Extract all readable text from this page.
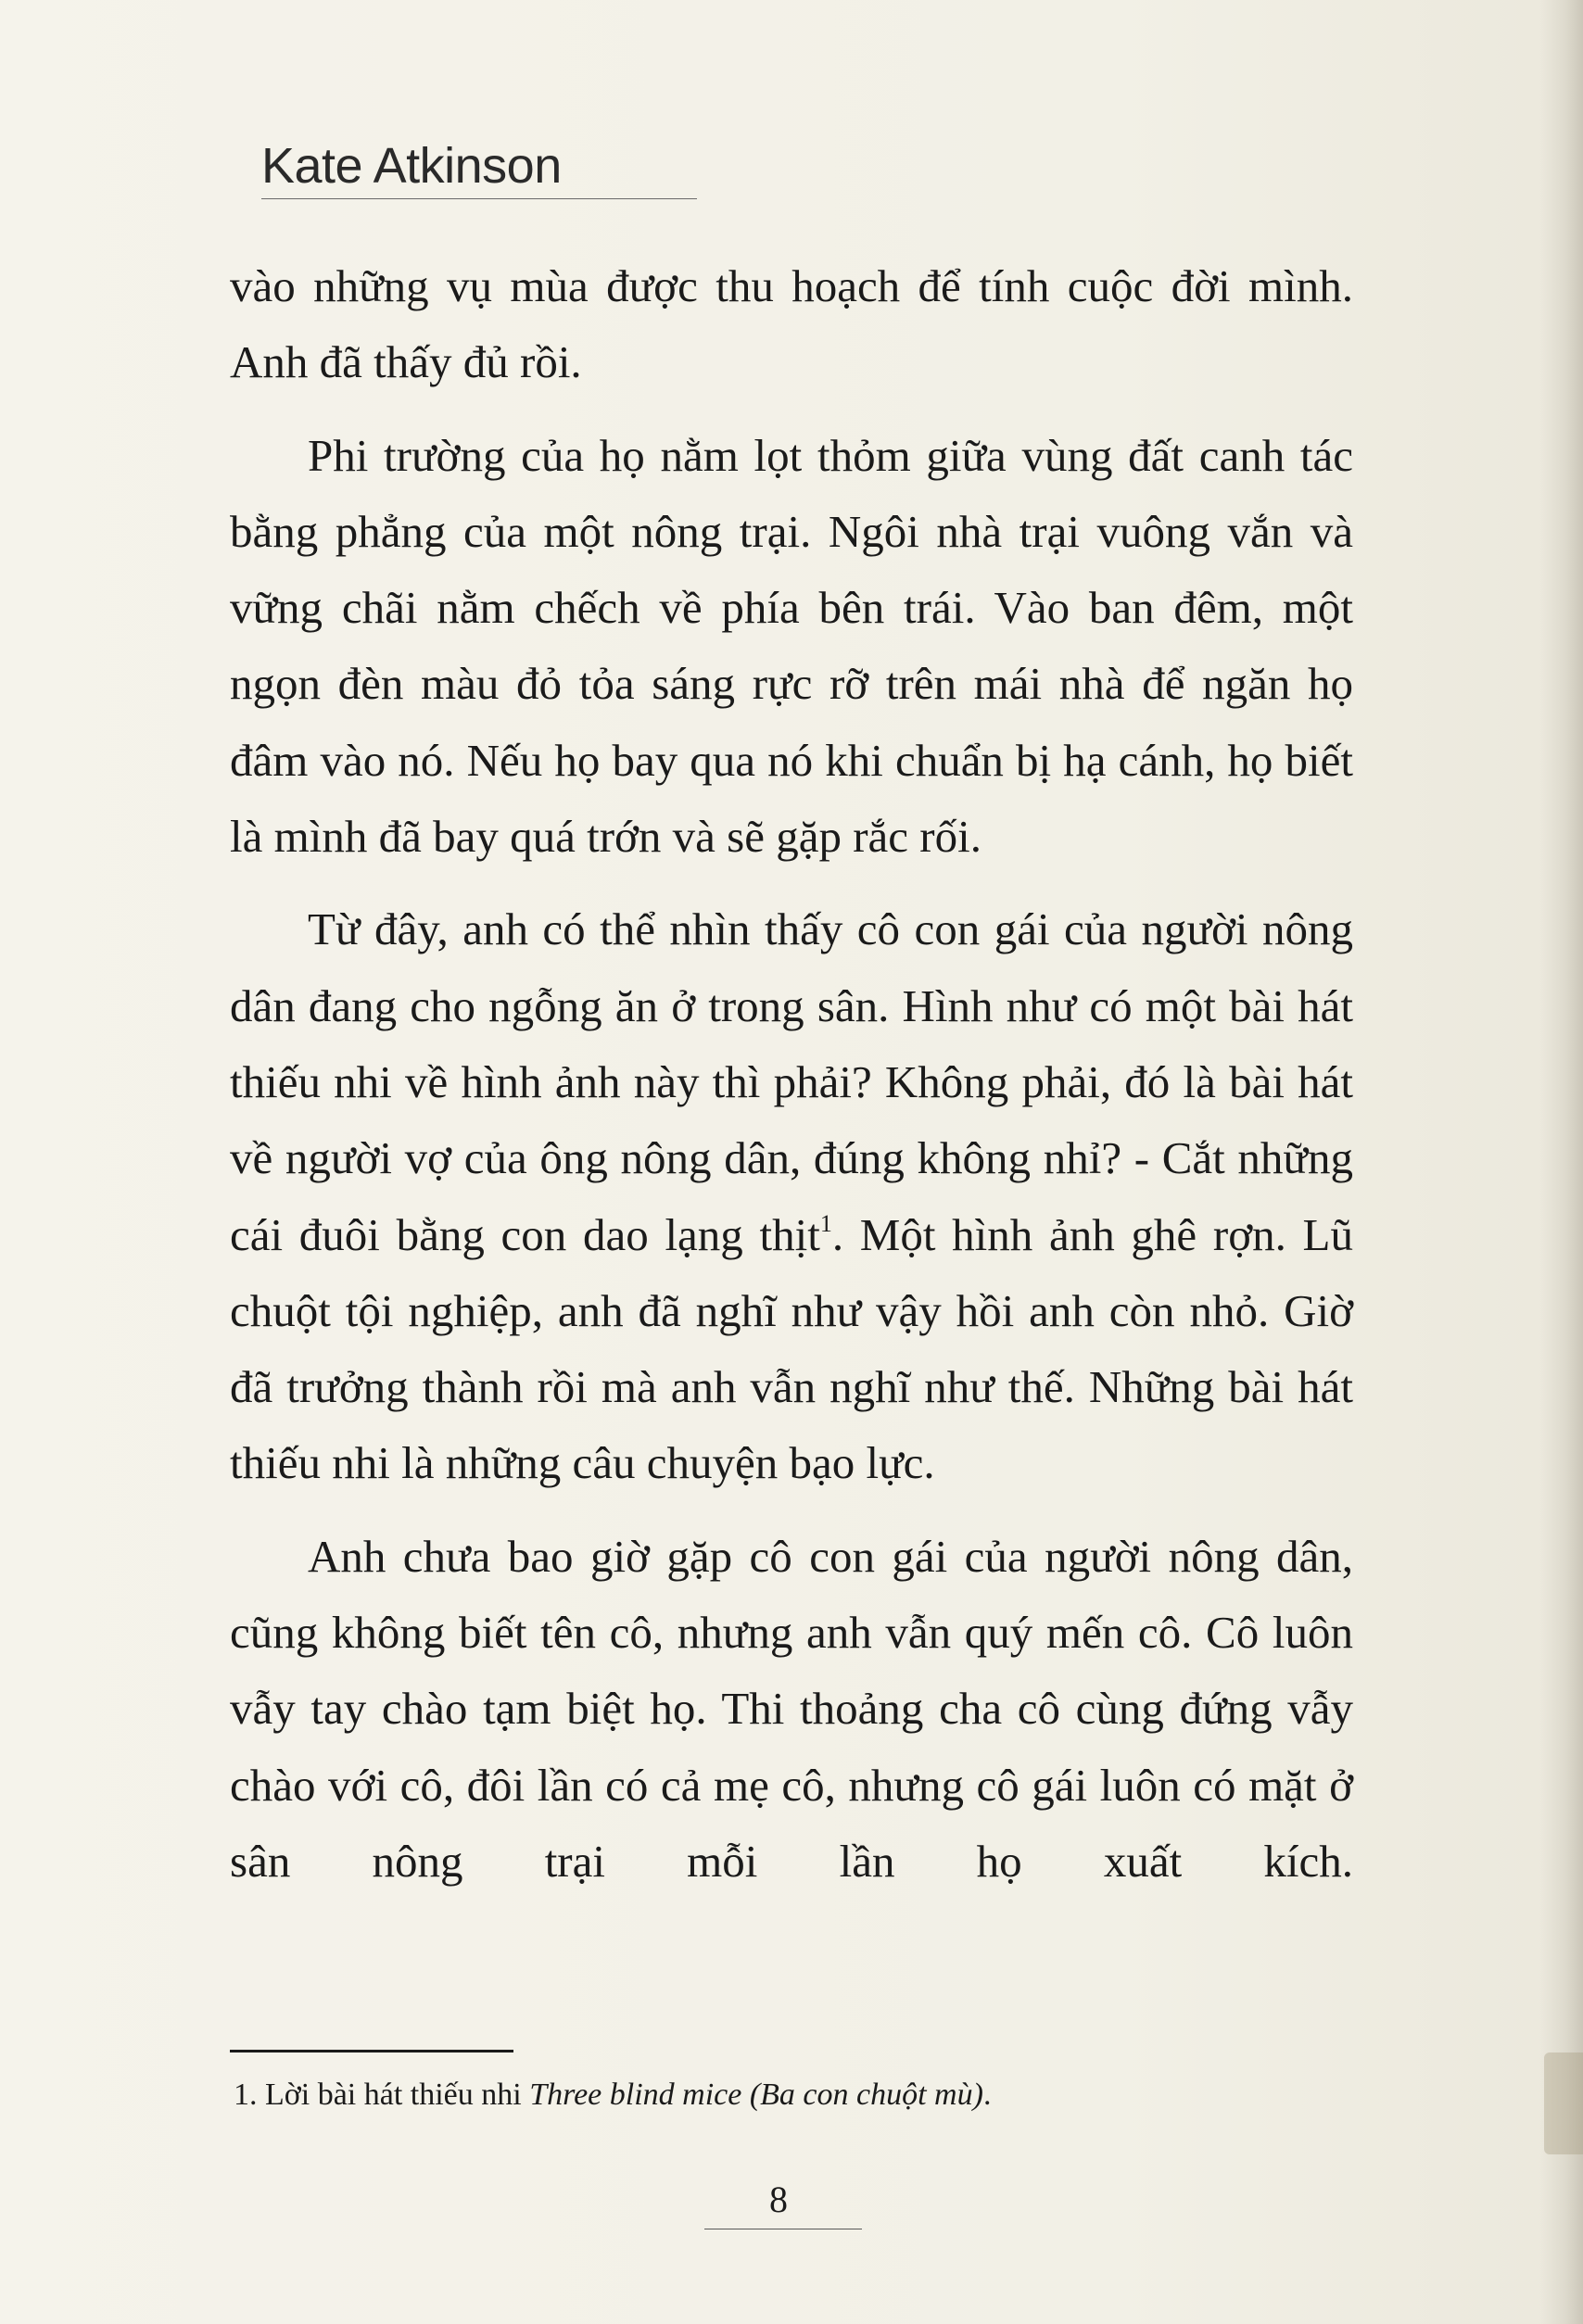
Kate Atkinson

vào những vụ mùa được thu hoạch để tính cuộc đời mình. Anh đã thấy đủ rồi.

Phi trường của họ nằm lọt thỏm giữa vùng đất canh tác bằng phẳng của một nông trại. Ngôi nhà trại vuông vắn và vững chãi nằm chếch về phía bên trái. Vào ban đêm, một ngọn đèn màu đỏ tỏa sáng rực rỡ trên mái nhà để ngăn họ đâm vào nó. Nếu họ bay qua nó khi chuẩn bị hạ cánh, họ biết là mình đã bay quá trớn và sẽ gặp rắc rối.

Từ đây, anh có thể nhìn thấy cô con gái của người nông dân đang cho ngỗng ăn ở trong sân. Hình như có một bài hát thiếu nhi về hình ảnh này thì phải? Không phải, đó là bài hát về người vợ của ông nông dân, đúng không nhỉ? - Cắt những cái đuôi bằng con dao lạng thịt$^1$. Một hình ảnh ghê rợn. Lũ chuột tội nghiệp, anh đã nghĩ như vậy hồi anh còn nhỏ. Giờ đã trưởng thành rồi mà anh vẫn nghĩ như thế. Những bài hát thiếu nhi là những câu chuyện bạo lực.

Anh chưa bao giờ gặp cô con gái của người nông dân, cũng không biết tên cô, nhưng anh vẫn quý mến cô. Cô luôn vẫy tay chào tạm biệt họ. Thi thoảng cha cô cùng đứng vẫy chào với cô, đôi lần có cả mẹ cô, nhưng cô gái luôn có mặt ở sân nông trại mỗi lần họ xuất kích.

1. Lời bài hát thiếu nhi Three blind mice (Ba con chuột mù).
8
